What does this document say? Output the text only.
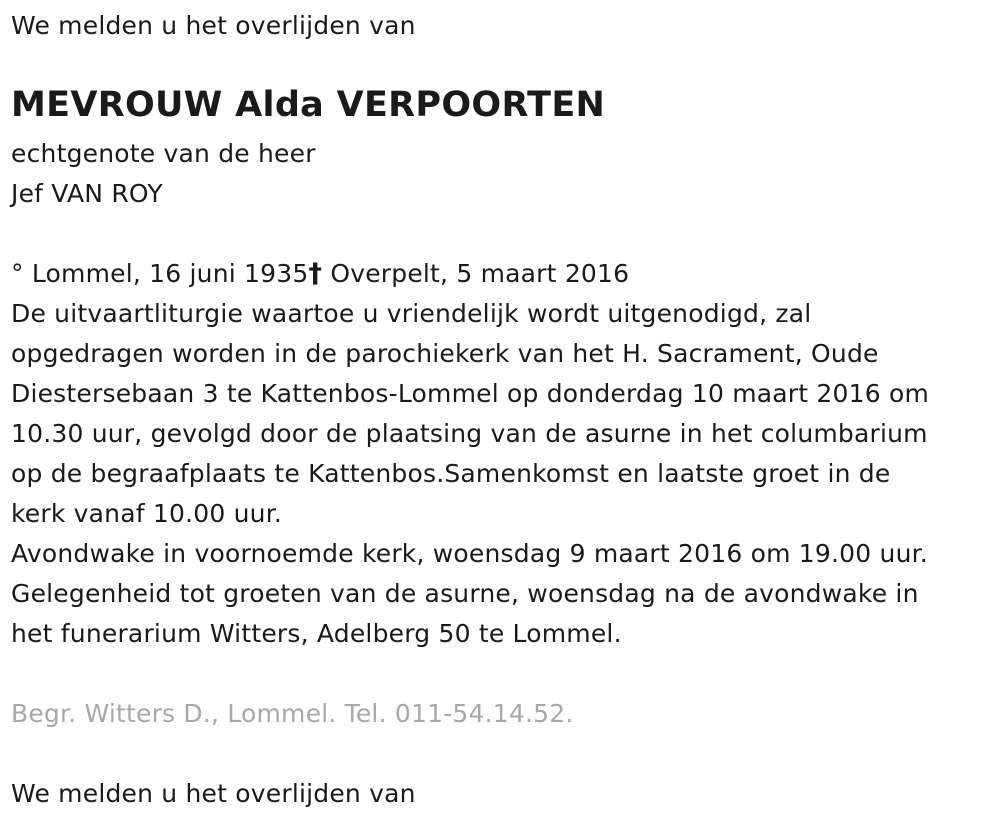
We melden u het overlijden van
MEVROUW Alda VERPOORTEN
echtgenote van de heer
Jef VAN ROY
° Lommel, 16 juni 1935† Overpelt, 5 maart 2016
De uitvaartliturgie waartoe u vriendelijk wordt uitgenodigd, zal
opgedragen worden in de parochiekerk van het H. Sacrament, Oude
Diestersebaan 3 te Kattenbos-Lommel op donderdag 10 maart 2016 om
10.30 uur, gevolgd door de plaatsing van de asurne in het columbarium
op de begraafplaats te Kattenbos.Samenkomst en laatste groet in de
kerk vanaf 10.00 uur.
Avondwake in voornoemde kerk, woensdag 9 maart 2016 om 19.00 uur.
Gelegenheid tot groeten van de asurne, woensdag na de avondwake in
het funerarium Witters, Adelberg 50 te Lommel.
Begr. Witters D., Lommel. Tel. 011-54.14.52.
We melden u het overlijden van
